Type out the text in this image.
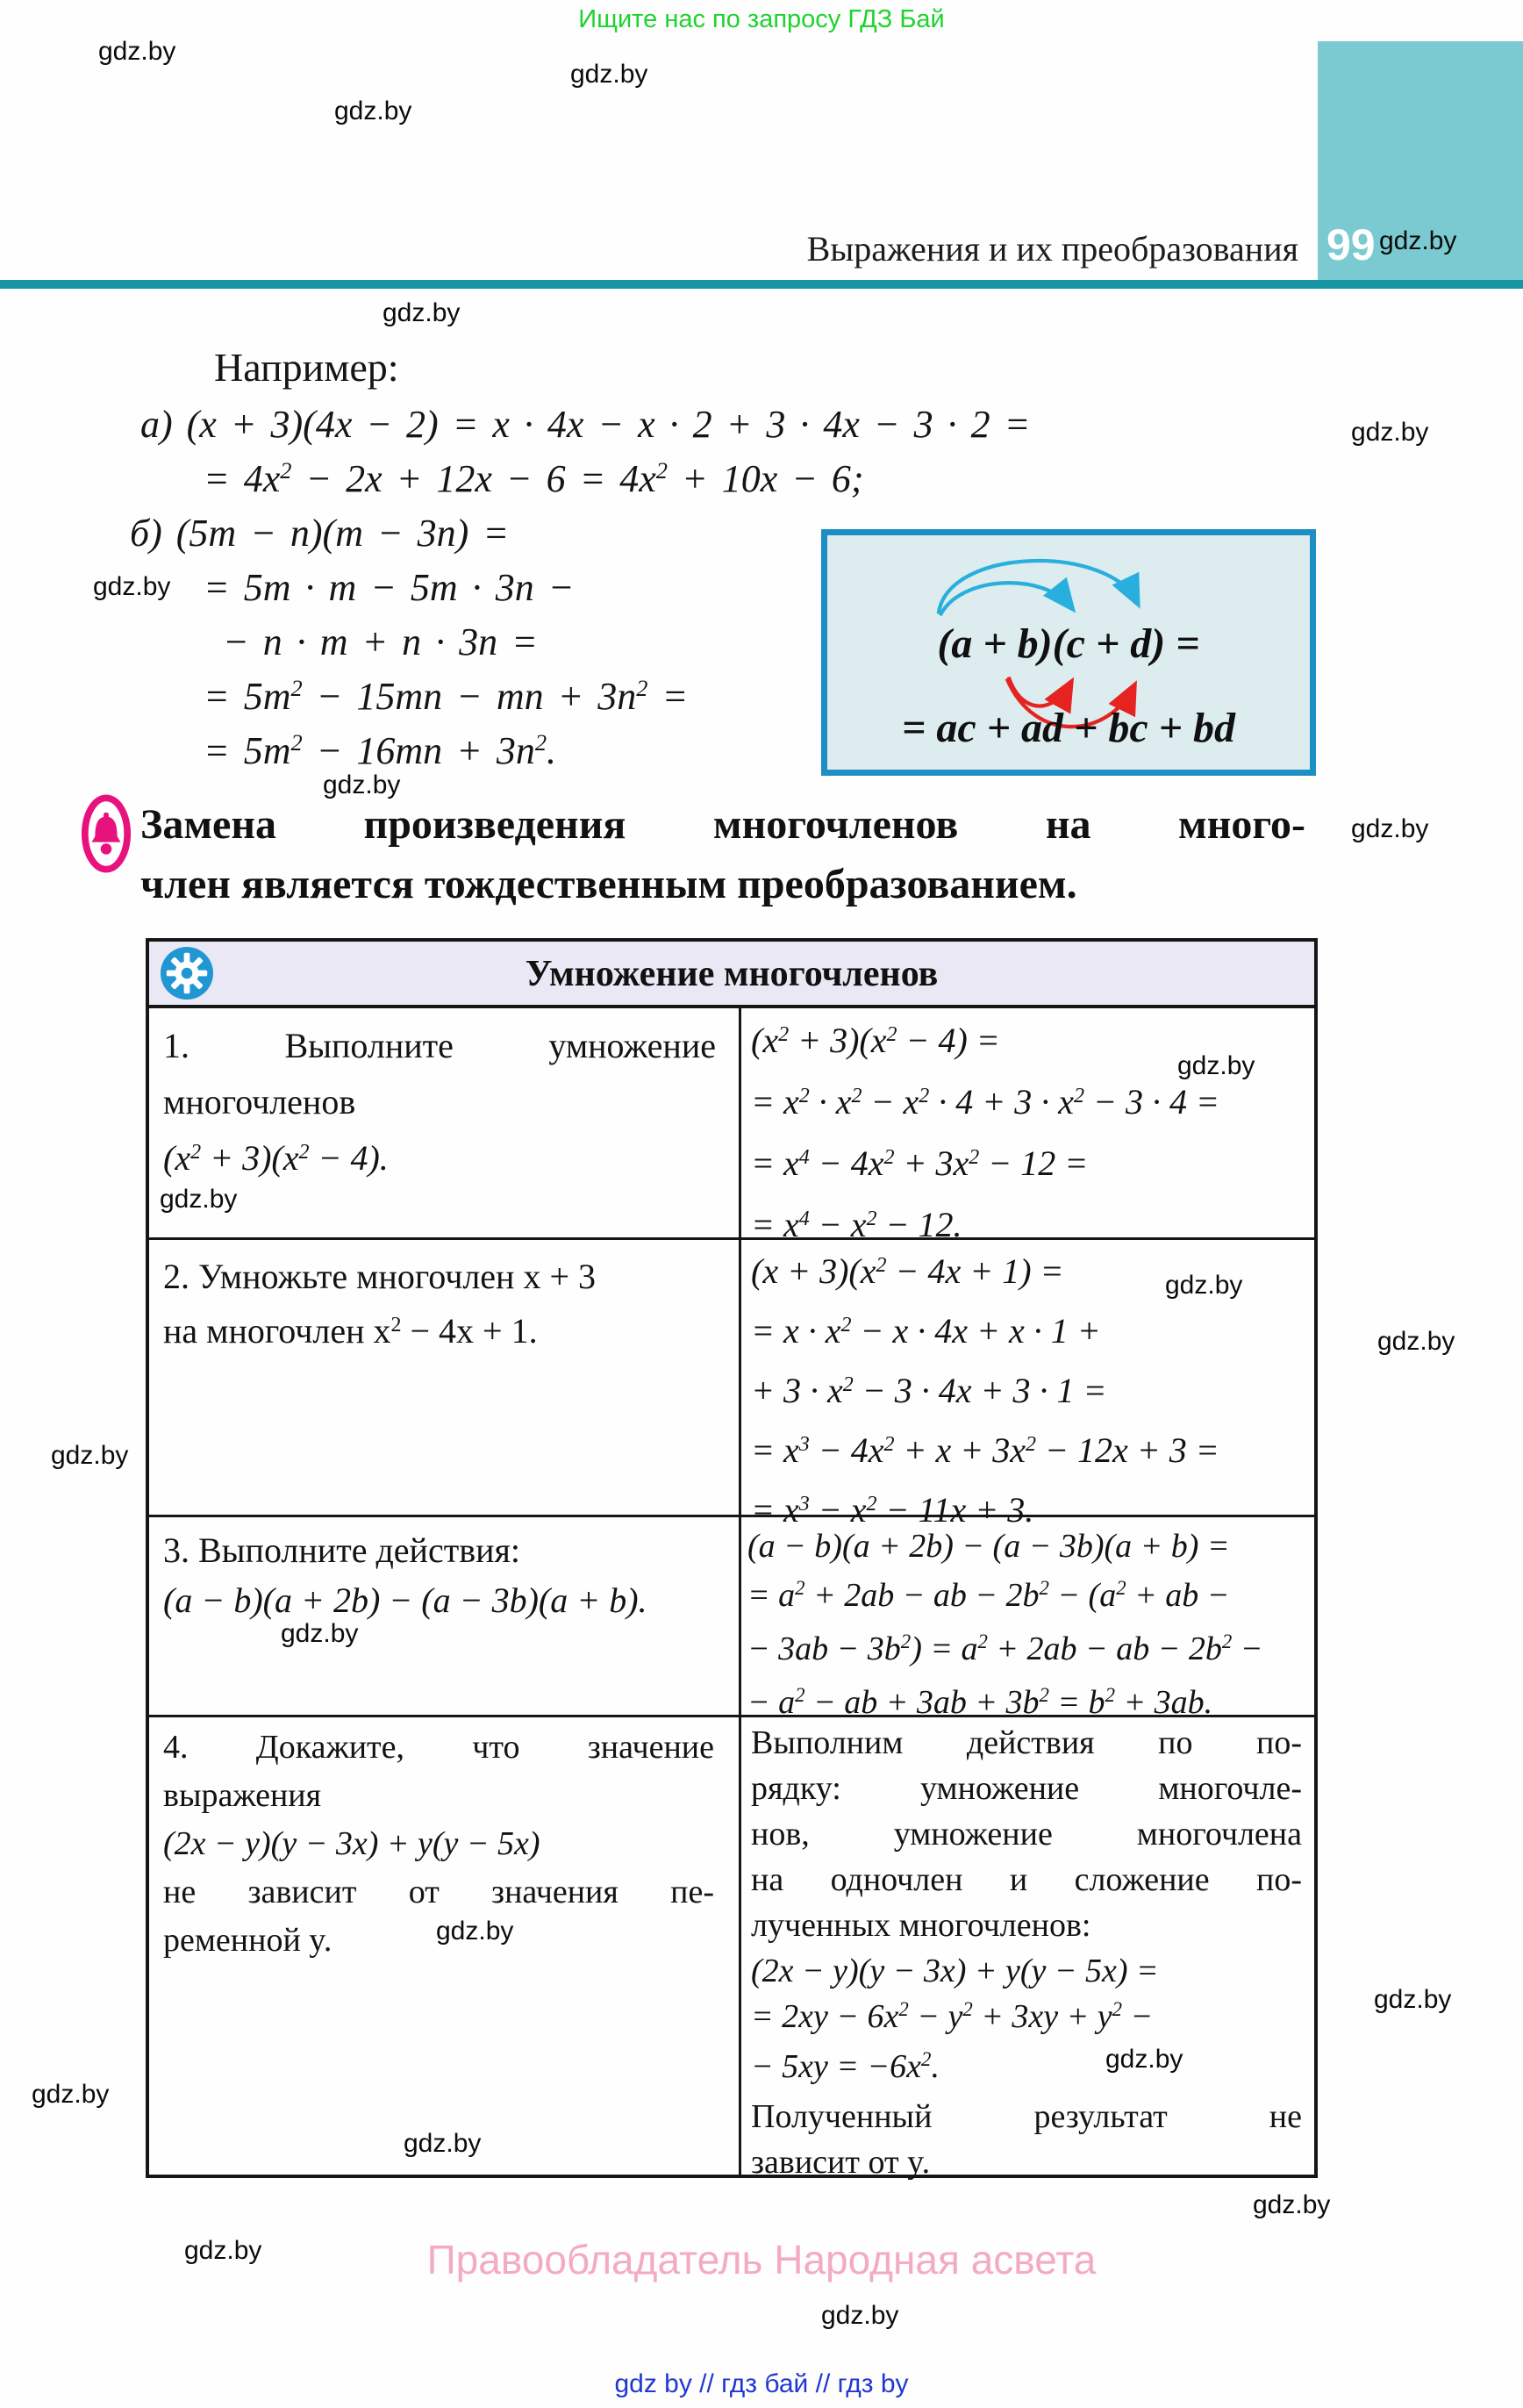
Ищите нас по запросу ГДЗ Бай
gdz.by
gdz.by
gdz.by
gdz.by
gdz.by
gdz.by
gdz.by
gdz.by
gdz.by
gdz.by
99 gdz.by
Выражения и их преобразования
Например:
а) (x + 3)(4x − 2) = x · 4x − x · 2 + 3 · 4x − 3 · 2 =
= $4x^2 - 2x + 12x - 6 = 4x^2 + 10x - 6$;
б) (5m − n)(m − 3n) =
= 5m · m − 5m · 3n −
− n · m + n · 3n =
= $5m^2 - 15mn$ − mn + $3n^2$ =
= $5m^2 - 16mn + 3n^2$.
(a + b)(c + d) =
= ac + ad + bc + bd
Замена произведения многочленов на много-
член является тождественным преобразованием.
Умножение многочленов
1. Выполните умножение
многочленов
$(x^2 + 3)(x^2 - 4)$.
gdz.by
$(x^2 + 3)(x^2 - 4)$ =
= $x^2 \cdot x^2 - x^2 \cdot 4 + 3 \cdot x^2 - 3 \cdot 4$ =
= $x^4 - 4x^2 + 3x^2 - 12$ =
= $x^4 - x^2 - 12$.
gdz.by
2. Умножьте многочлен x + 3
на многочлен $x^2 - 4x + 1$.
gdz.by
$(x + 3)(x^2 - 4x + 1)$ =
= $x \cdot x^2 - x \cdot 4x + x \cdot 1$ +
+ $3 \cdot x^2 - 3 \cdot 4x + 3 \cdot 1$ =
= $x^3 - 4x^2 + x + 3x^2 - 12x + 3$ =
= $x^3 - x^2 - 11x + 3$.
gdz.by
3. Выполните действия:
(a − b)(a + 2b) − (a − 3b)(a + b).
gdz.by
(a − b)(a + 2b) − (a − 3b)(a + b) =
= $a^2 + 2ab$ − ab − $2b^2 - (a^2$ + ab −
− $3ab - 3b^2) = a^2 + 2ab$ − ab − $2b^2$ −
− $a^2$ − ab + $3ab + 3b^2 = b^2 + 3ab$.
4. Докажите, что значение
выражения
(2x − y)(y − 3x) + y(y − 5x)
не зависит от значения пе-
ременной y.	gdz.by
gdz.by
gdz.by
Выполним действия по по-
рядку: умножение многочле-
нов, умножение многочлена
на одночлен и сложение по-
лученных многочленов:
(2x − y)(y − 3x) + y(y − 5x) =
= $2xy - 6x^2 - y^2 + 3xy + y^2$ −
− $5xy = -6x^2$.
Полученный результат не
зависит от y.
gdz.by
gdz.by
gdz.by	Правообладатель Народная асвета
gdz.by
gdz by // гдз бай // гдз by
